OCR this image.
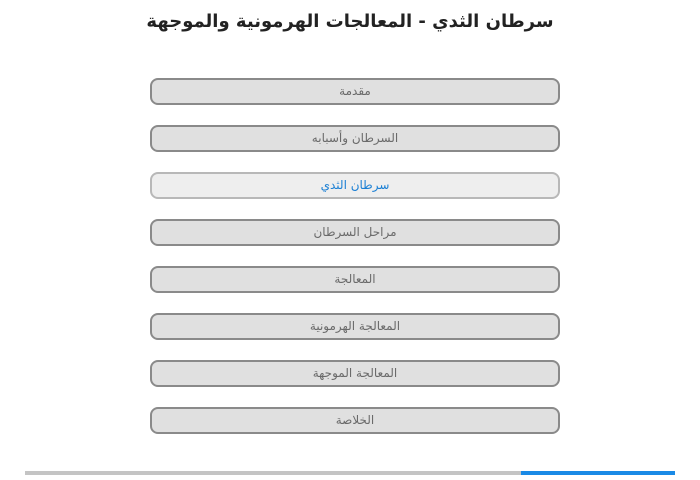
سرطان الثدي - المعالجات الهرمونية والموجهة
مقدمة
السرطان وأسبابه
سرطان الثدي
مراحل السرطان
المعالجة
المعالجة الهرمونية
المعالجة الموجهة
الخلاصة
